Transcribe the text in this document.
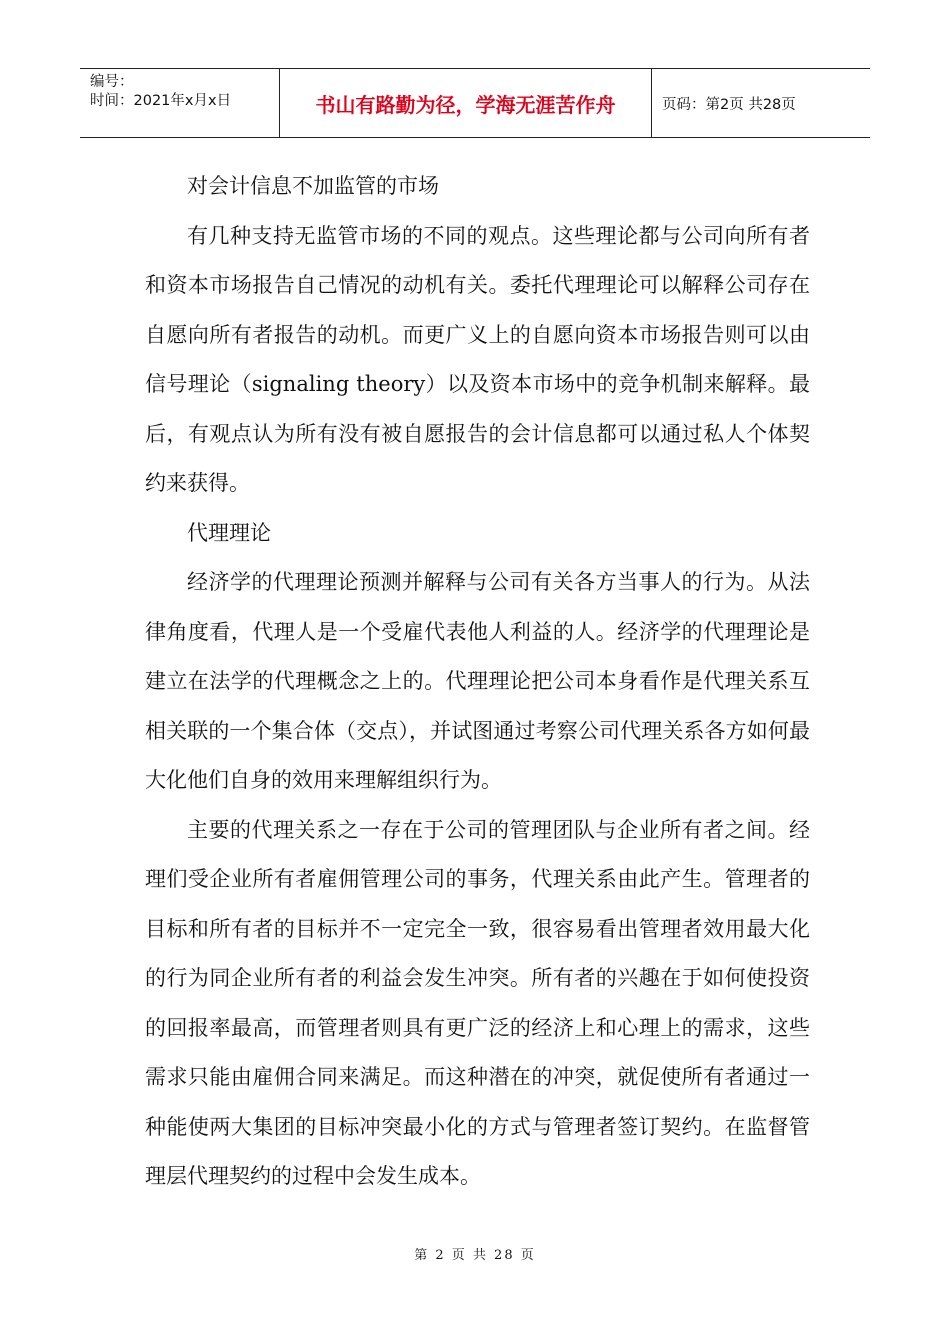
编号：
时间：2021年x月x日	书山有路勤为径，学海无涯苦作舟	页码：第2页 共28页

对会计信息不加监管的市场

有几种支持无监管市场的不同的观点。这些理论都与公司向所有者和资本市场报告自己情况的动机有关。委托代理理论可以解释公司存在自愿向所有者报告的动机。而更广义上的自愿向资本市场报告则可以由信号理论（signaling theory）以及资本市场中的竞争机制来解释。最后，有观点认为所有没有被自愿报告的会计信息都可以通过私人个体契约来获得。

代理理论

经济学的代理理论预测并解释与公司有关各方当事人的行为。从法律角度看，代理人是一个受雇代表他人利益的人。经济学的代理理论是建立在法学的代理概念之上的。代理理论把公司本身看作是代理关系互相关联的一个集合体（交点），并试图通过考察公司代理关系各方如何最大化他们自身的效用来理解组织行为。

主要的代理关系之一存在于公司的管理团队与企业所有者之间。经理们受企业所有者雇佣管理公司的事务，代理关系由此产生。管理者的目标和所有者的目标并不一定完全一致，很容易看出管理者效用最大化的行为同企业所有者的利益会发生冲突。所有者的兴趣在于如何使投资的回报率最高，而管理者则具有更广泛的经济上和心理上的需求，这些需求只能由雇佣合同来满足。而这种潜在的冲突，就促使所有者通过一种能使两大集团的目标冲突最小化的方式与管理者签订契约。在监督管理层代理契约的过程中会发生成本。

第 2 页 共 28 页
